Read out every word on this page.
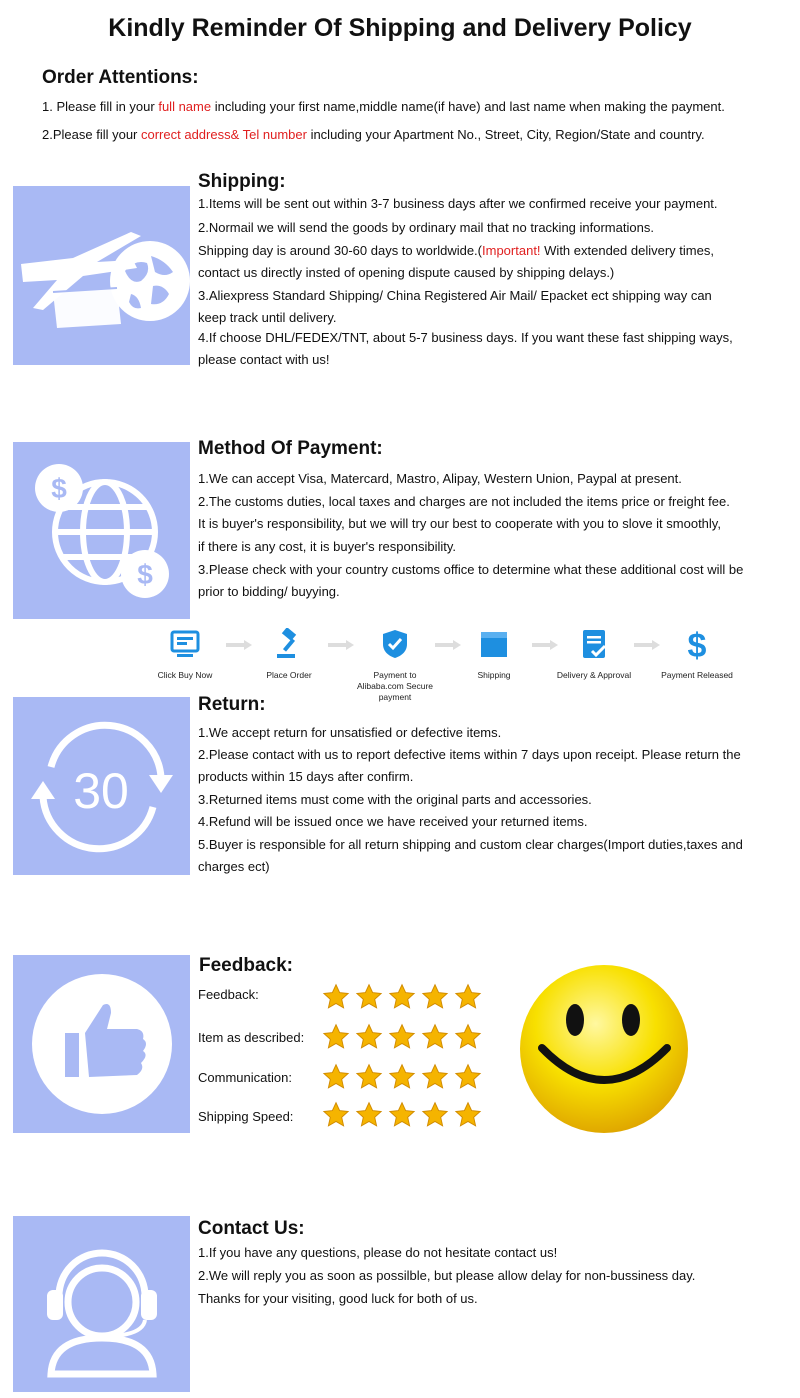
Kindly Reminder Of Shipping and Delivery Policy
Order Attentions:
1. Please fill in your full name including your first name,middle name(if have) and last name when making the payment.
2.Please fill your correct address& Tel number including your Apartment No., Street, City, Region/State and country.
Shipping:
1.Items will be sent out within 3-7 business days after we confirmed receive your payment.
2.Normail we will send the goods by ordinary mail that no tracking informations.
Shipping day is around 30-60 days to worldwide.(Important! With extended delivery times,
contact us directly insted of opening dispute caused by shipping delays.)
3.Aliexpress Standard Shipping/ China Registered Air Mail/ Epacket ect shipping way can
keep track until delivery.
4.If choose DHL/FEDEX/TNT, about 5-7 business days. If you want these fast shipping ways,
please contact with us!
$
$
Method Of Payment:
1.We can accept Visa, Matercard, Mastro, Alipay, Western Union, Paypal at present.
2.The customs duties, local taxes and charges are not included the items price or freight fee.
It is buyer's responsibility, but we will try our best to cooperate with you to slove it smoothly,
if there is any cost, it is buyer's responsibility.
3.Please check with your country customs office to determine what these additional cost will be
prior to bidding/ buyying.
Click Buy Now	Place Order	Payment to
Alibaba.com Secure payment
Shipping	Delivery & Approval
$
Payment Released
30
Return:
1.We accept return for unsatisfied or defective items.
2.Please contact with us to report defective items within 7 days upon receipt. Please return the
products within 15 days after confirm.
3.Returned items must come with the original parts and accessories.
4.Refund will be issued once we have received your returned items.
5.Buyer is responsible for all return shipping and custom clear charges(Import duties,taxes and
charges ect)
Feedback:
Feedback:
Item as described:
Communication:
Shipping Speed:
Contact Us:
1.If you have any questions, please do not hesitate contact us!
2.We will reply you as soon as possilble, but please allow delay for non-bussiness day.
Thanks for your visiting, good luck for both of us.
